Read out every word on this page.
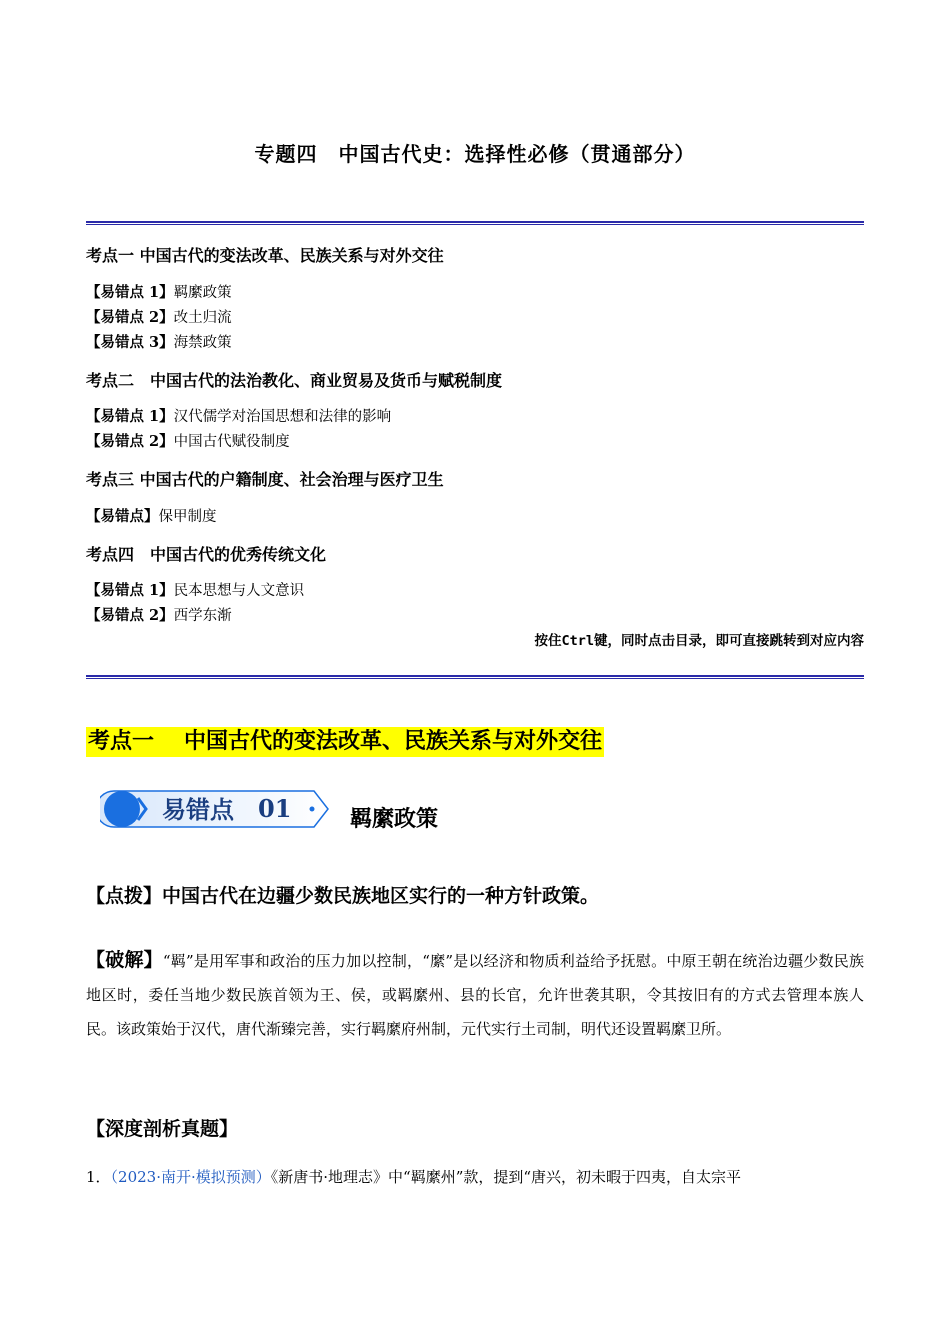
专题四　中国古代史：选择性必修（贯通部分）
考点一 中国古代的变法改革、民族关系与对外交往
【易错点 1】羁縻政策
【易错点 2】改土归流
【易错点 3】海禁政策
考点二　中国古代的法治教化、商业贸易及货币与赋税制度
【易错点 1】汉代儒学对治国思想和法律的影响
【易错点 2】中国古代赋役制度
考点三 中国古代的户籍制度、社会治理与医疗卫生
【易错点】保甲制度
考点四　中国古代的优秀传统文化
【易错点 1】民本思想与人文意识
【易错点 2】西学东渐
按住Ctrl键，同时点击目录，即可直接跳转到对应内容
考点一 中国古代的变法改革、民族关系与对外交往
易错点 01	羁縻政策
【点拨】中国古代在边疆少数民族地区实行的一种方针政策。
【破解】“羁”是用军事和政治的压力加以控制，“縻”是以经济和物质利益给予抚慰。中原王朝在统治边疆少数民族地区时，委任当地少数民族首领为王、侯，或羁縻州、县的长官，允许世袭其职，令其按旧有的方式去管理本族人民。该政策始于汉代，唐代渐臻完善，实行羁縻府州制，元代实行土司制，明代还设置羁縻卫所。
【深度剖析真题】
1．（2023·南开·模拟预测）《新唐书·地理志》中“羁縻州”款，提到“唐兴，初未暇于四夷，自太宗平
